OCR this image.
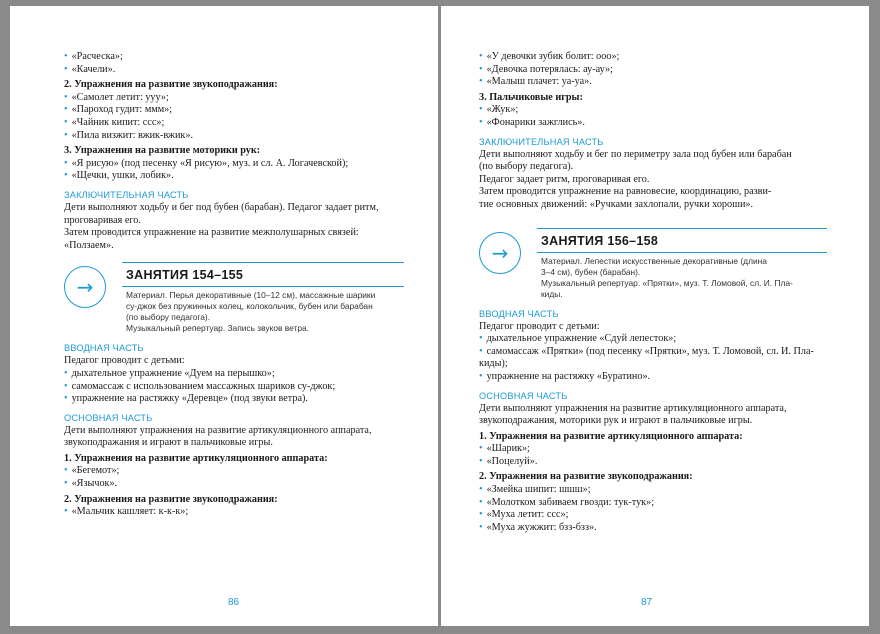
• «Расческа»;
• «Качели».
2. Упражнения на развитие звукоподражания:
• «Самолет летит: ууу»;
• «Пароход гудит: ммм»;
• «Чайник кипит: ссс»;
• «Пила визжит: вжик-вжик».
3. Упражнения на развитие моторики рук:
• «Я рисую» (под песенку «Я рисую», муз. и сл. А. Логачевской);
• «Щечки, ушки, лобик».
ЗАКЛЮЧИТЕЛЬНАЯ ЧАСТЬ
Дети выполняют ходьбу и бег под бубен (барабан). Педагог задает ритм,
проговаривая его.
Затем проводится упражнение на развитие межполушарных связей:
«Ползаем».
→	ЗАНЯТИЯ 154–155
Материал. Перья декоративные (10–12 см), массажные шарики
су-джок без пружинных колец, колокольчик, бубен или барабан
(по выбору педагога).
Музыкальный репертуар. Запись звуков ветра.
ВВОДНАЯ ЧАСТЬ
Педагог проводит с детьми:
• дыхательное упражнение «Дуем на перышко»;
• самомассаж с использованием массажных шариков су-джок;
• упражнение на растяжку «Деревце» (под звуки ветра).
ОСНОВНАЯ ЧАСТЬ
Дети выполняют упражнения на развитие артикуляционного аппарата,
звукоподражания и играют в пальчиковые игры.
1. Упражнения на развитие артикуляционного аппарата:
• «Бегемот»;
• «Язычок».
2. Упражнения на развитие звукоподражания:
• «Мальчик кашляет: к-к-к»;
86
• «У девочки зубик болит: ооо»;
• «Девочка потерялась: ау-ау»;
• «Малыш плачет: уа-уа».
3. Пальчиковые игры:
• «Жук»;
• «Фонарики зажглись».
ЗАКЛЮЧИТЕЛЬНАЯ ЧАСТЬ
Дети выполняют ходьбу и бег по периметру зала под бубен или барабан
(по выбору педагога).
Педагог задает ритм, проговаривая его.
Затем проводится упражнение на равновесие, координацию, разви-
тие основных движений: «Ручками захлопали, ручки хороши».
→	ЗАНЯТИЯ 156–158
Материал. Лепестки искусственные декоративные (длина
3–4 см), бубен (барабан).
Музыкальный репертуар. «Прятки», муз. Т. Ломовой, сл. И. Пла-
киды.
ВВОДНАЯ ЧАСТЬ
Педагог проводит с детьми:
• дыхательное упражнение «Сдуй лепесток»;
• самомассаж «Прятки» (под песенку «Прятки», муз. Т. Ломовой, сл. И. Пла-
киды);
• упражнение на растяжку «Буратино».
ОСНОВНАЯ ЧАСТЬ
Дети выполняют упражнения на развитие артикуляционного аппарата,
звукоподражания, моторики рук и играют в пальчиковые игры.
1. Упражнения на развитие артикуляционного аппарата:
• «Шарик»;
• «Поцелуй».
2. Упражнения на развитие звукоподражания:
• «Змейка шипит: шшш»;
• «Молотком забиваем гвозди: тук-тук»;
• «Муха летит: ссс»;
• «Муха жужжит: бзз-бзз».
87
